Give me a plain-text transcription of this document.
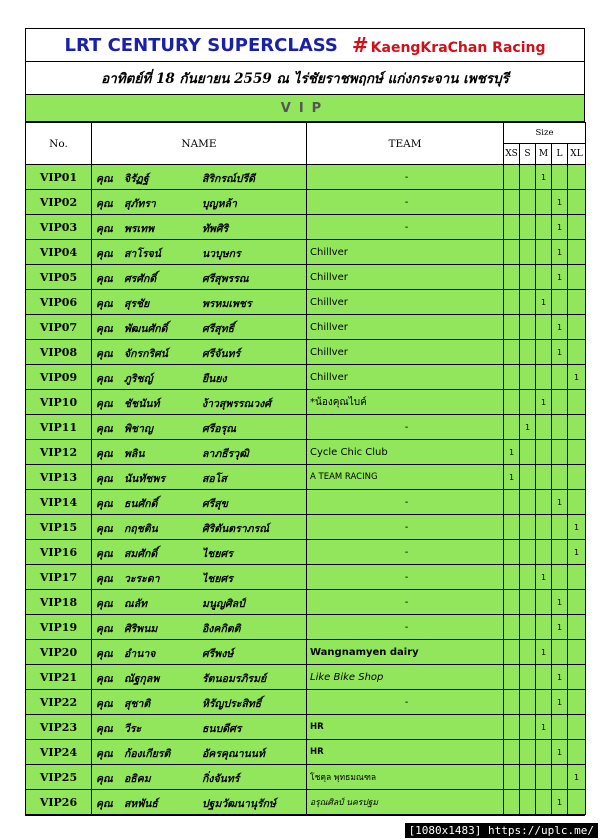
LRT CENTURY SUPERCLASS # KaengKraChan Racing
อาทิตย์ที่ 18 กันยายน 2559 ณ ไร่ชัยราชพฤกษ์ แก่งกระจาน เพชรบุรี
VIP
No.	NAME	TEAM	Size				
			XS	S	M	L	XL
VIP01	คุณ จิรัฏฐ์ สิริกรณ์ปรีดี	-			1		
VIP02	คุณ สุภัทรา บุญหล้า	-				1	
VIP03	คุณ พรเทพ ทัพศิริ	-				1	
VIP04	คุณ สาโรจน์ นวบุษกร	Chillver				1	
VIP05	คุณ ศรศักดิ์ ศรีสุพรรณ	Chillver				1	
VIP06	คุณ สุรชัย พรหมเพชร	Chillver			1		
VIP07	คุณ พัฒนศักดิ์ ศรีสุทธิ์	Chillver				1	
VIP08	คุณ จักรกริศน์ ศรีจันทร์	Chillver				1	
VIP09	คุณ ภูริชญ์ ยืนยง	Chillver					1
VIP10	คุณ ชัชนันท์ ง้าวสุพรรณวงศ์	*น้องคุณไบค์			1		
VIP11	คุณ พิชาญ ศรีอรุณ	-		1			
VIP12	คุณ พลิน ลาภธีรวุฒิ	Cycle Chic Club	1				
VIP13	คุณ นันทัชพร สอโส	A TEAM RACING	1				
VIP14	คุณ ธนศักดิ์ ศรีสุข	-				1	
VIP15	คุณ กฤชติน ศิริตันตราภรณ์	-					1
VIP16	คุณ สมศักดิ์ ไชยศร	-					1
VIP17	คุณ วะระดา ไชยศร	-			1		
VIP18	คุณ ณลัท มนูญศิลป์	-				1	
VIP19	คุณ ศิริพนม อิงคกิตติ	-				1	
VIP20	คุณ อำนาจ ศรีพงษ์	Wangnamyen dairy			1		
VIP21	คุณ ณัฐกุลพ รัตนอมรภิรมย์	Like Bike Shop				1	
VIP22	คุณ สุชาติ หิรัญประสิทธิ์	-				1	
VIP23	คุณ วีระ ธนบดีศร	HR			1		
VIP24	คุณ ก้องเกียรติ อัครคุณานนท์	HR				1	
VIP25	คุณ อธิคม กิ่งจันทร์	โชคุล พุทธมณฑล					1
VIP26	คุณ สหพันธ์ ปฐมวัฒนานุรักษ์	อรุณศิลป์ นครปฐม				1	
[1080x1483] https://uplc.me/
